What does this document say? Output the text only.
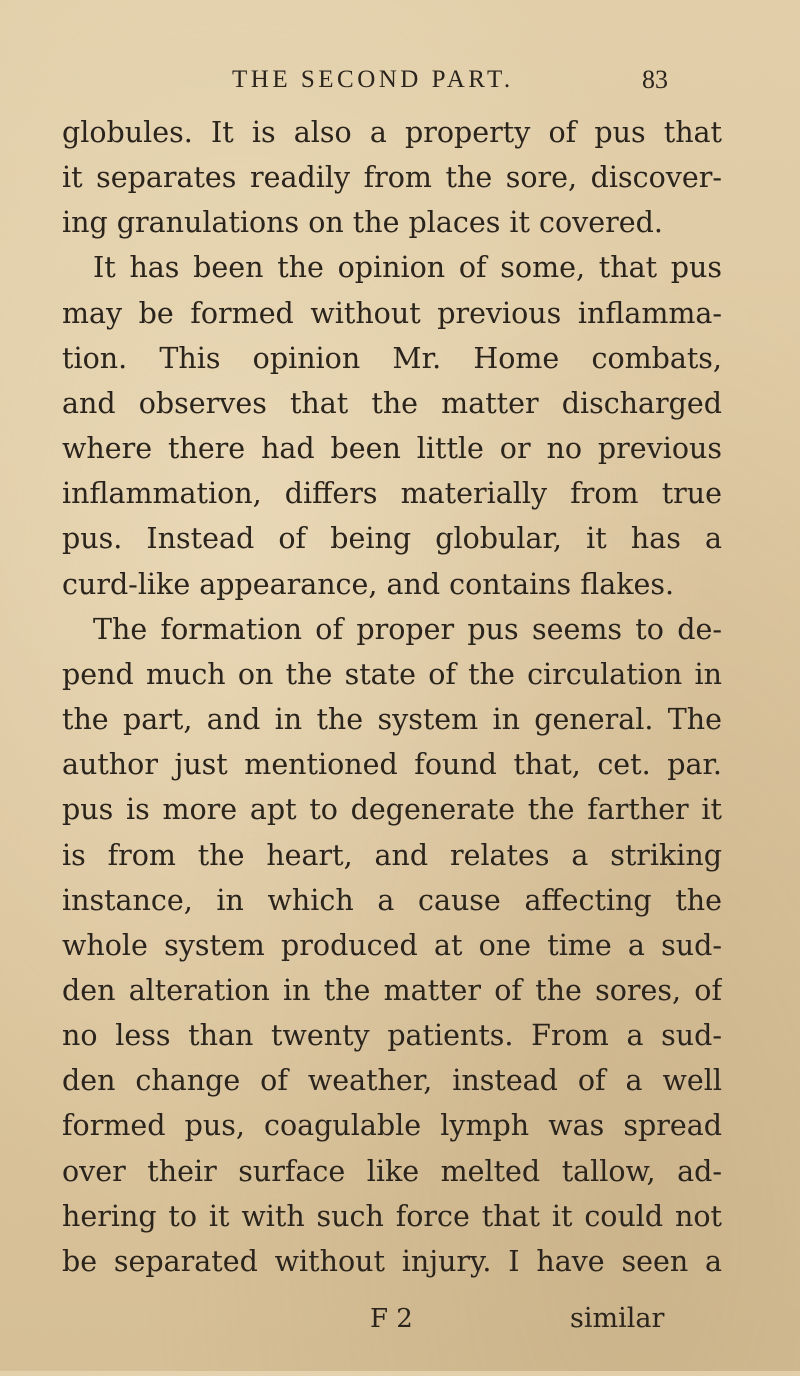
THE SECOND PART.	83
globules. It is also a property of pus that
it separates readily from the sore, discover-
ing granulations on the places it covered.
It has been the opinion of some, that pus
may be formed without previous inflamma-
tion. This opinion Mr. Home combats,
and observes that the matter discharged
where there had been little or no previous
inflammation, differs materially from true
pus. Instead of being globular, it has a
curd-like appearance, and contains flakes.
The formation of proper pus seems to de-
pend much on the state of the circulation in
the part, and in the system in general. The
author just mentioned found that, cet. par.
pus is more apt to degenerate the farther it
is from the heart, and relates a striking
instance, in which a cause affecting the
whole system produced at one time a sud-
den alteration in the matter of the sores, of
no less than twenty patients. From a sud-
den change of weather, instead of a well
formed pus, coagulable lymph was spread
over their surface like melted tallow, ad-
hering to it with such force that it could not
be separated without injury. I have seen a
F 2	similar
